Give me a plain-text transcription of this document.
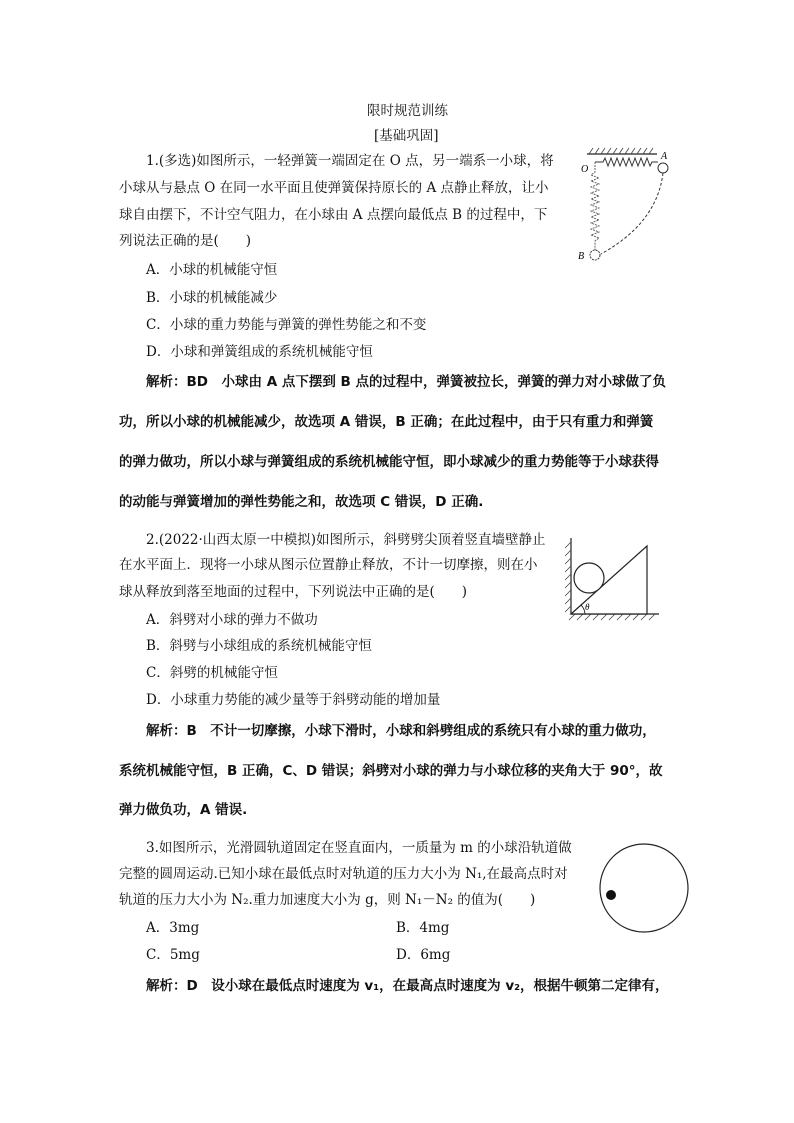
限时规范训练
[基础巩固]
1.(多选)如图所示，一轻弹簧一端固定在 O 点，另一端系一小球，将
小球从与悬点 O 在同一水平面且使弹簧保持原长的 A 点静止释放，让小
球自由摆下，不计空气阻力，在小球由 A 点摆向最低点 B 的过程中，下
列说法正确的是(　　)
A．小球的机械能守恒
B．小球的机械能减少
C．小球的重力势能与弹簧的弹性势能之和不变
D．小球和弹簧组成的系统机械能守恒
解析：BD　小球由 A 点下摆到 B 点的过程中，弹簧被拉长，弹簧的弹力对小球做了负
功，所以小球的机械能减少，故选项 A 错误，B 正确；在此过程中，由于只有重力和弹簧
的弹力做功，所以小球与弹簧组成的系统机械能守恒，即小球减少的重力势能等于小球获得
的动能与弹簧增加的弹性势能之和，故选项 C 错误，D 正确.
O
A
B
2.(2022·山西太原一中模拟)如图所示，斜劈劈尖顶着竖直墙壁静止
在水平面上．现将一小球从图示位置静止释放，不计一切摩擦，则在小
球从释放到落至地面的过程中，下列说法中正确的是(　　)
A．斜劈对小球的弹力不做功
B．斜劈与小球组成的系统机械能守恒
C．斜劈的机械能守恒
D．小球重力势能的减少量等于斜劈动能的增加量
解析：B　不计一切摩擦，小球下滑时，小球和斜劈组成的系统只有小球的重力做功，
系统机械能守恒，B 正确，C、D 错误；斜劈对小球的弹力与小球位移的夹角大于 90°，故
弹力做负功，A 错误.
θ
3.如图所示，光滑圆轨道固定在竖直面内，一质量为 m 的小球沿轨道做
完整的圆周运动.已知小球在最低点时对轨道的压力大小为 N₁,在最高点时对
轨道的压力大小为 N₂.重力加速度大小为 g，则 N₁－N₂ 的值为(　　)
A．3mg	B．4mg
C．5mg	D．6mg
解析：D　设小球在最低点时速度为 v₁，在最高点时速度为 v₂，根据牛顿第二定律有，
